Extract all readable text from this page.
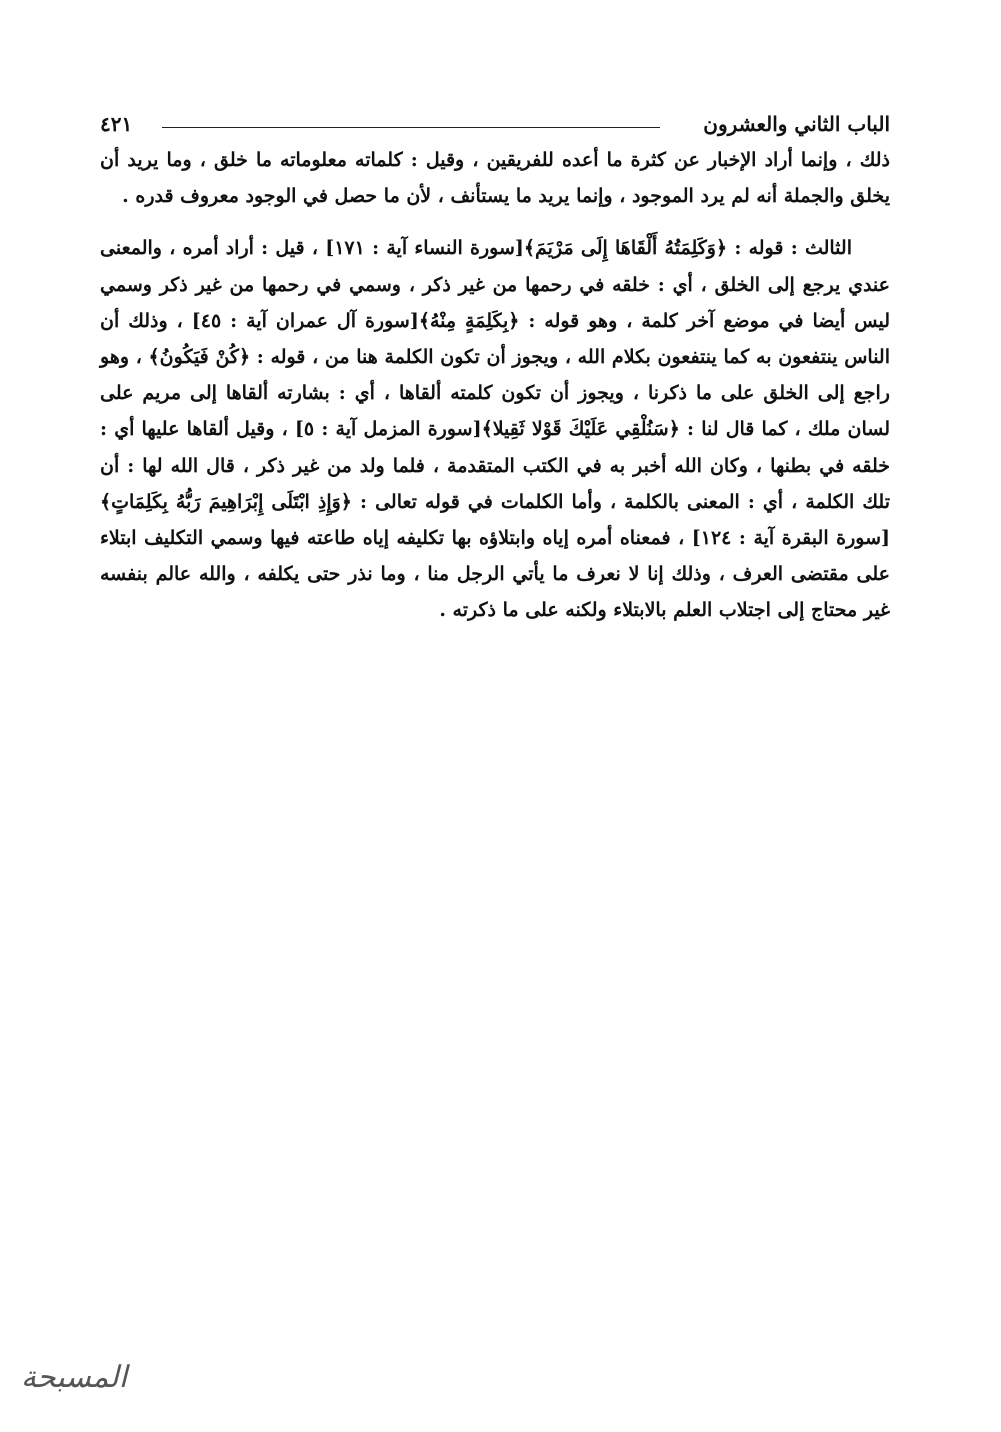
الباب الثاني والعشرون
٤٢١

ذلك ، وإنما أراد الإخبار عن كثرة ما أعده للفريقين ، وقيل : كلماته معلوماته ما خلق ، وما يريد أن يخلق والجملة أنه لم يرد الموجود ، وإنما يريد ما يستأنف ، لأن ما حصل في الوجود معروف قدره .

الثالث : قوله : ﴿وَكَلِمَتُهُ أَلْقَاهَا إِلَى مَرْيَمَ﴾[سورة النساء آية : ١٧١] ، قيل : أراد أمره ، والمعنى عندي يرجع إلى الخلق ، أي : خلقه في رحمها من غير ذكر ، وسمي في رحمها من غير ذكر وسمي ليس أيضا في موضع آخر كلمة ، وهو قوله : ﴿بِكَلِمَةٍ مِنْهُ﴾[سورة آل عمران آية : ٤٥] ، وذلك أن الناس ينتفعون به كما ينتفعون بكلام الله ، ويجوز أن تكون الكلمة هنا من ، قوله : ﴿كُنْ فَيَكُونُ﴾ ، وهو راجع إلى الخلق على ما ذكرنا ، ويجوز أن تكون كلمته ألقاها ، أي : بشارته ألقاها إلى مريم على لسان ملك ، كما قال لنا : ﴿سَنُلْقِي عَلَيْكَ قَوْلا ثَقِيلا﴾[سورة المزمل آية : ٥] ، وقيل ألقاها عليها أي : خلقه في بطنها ، وكان الله أخبر به في الكتب المتقدمة ، فلما ولد من غير ذكر ، قال الله لها : أن تلك الكلمة ، أي : المعنى بالكلمة ، وأما الكلمات في قوله تعالى : ﴿وَإِذِ ابْتَلَى إِبْرَاهِيمَ رَبُّهُ بِكَلِمَاتٍ﴾[سورة البقرة آية : ١٢٤] ، فمعناه أمره إياه وابتلاؤه بها تكليفه إياه طاعته فيها وسمي التكليف ابتلاء على مقتضى العرف ، وذلك إنا لا نعرف ما يأتي الرجل منا ، وما نذر حتى يكلفه ، والله عالم بنفسه غير محتاج إلى اجتلاب العلم بالابتلاء ولكنه على ما ذكرته .

المسبحة
